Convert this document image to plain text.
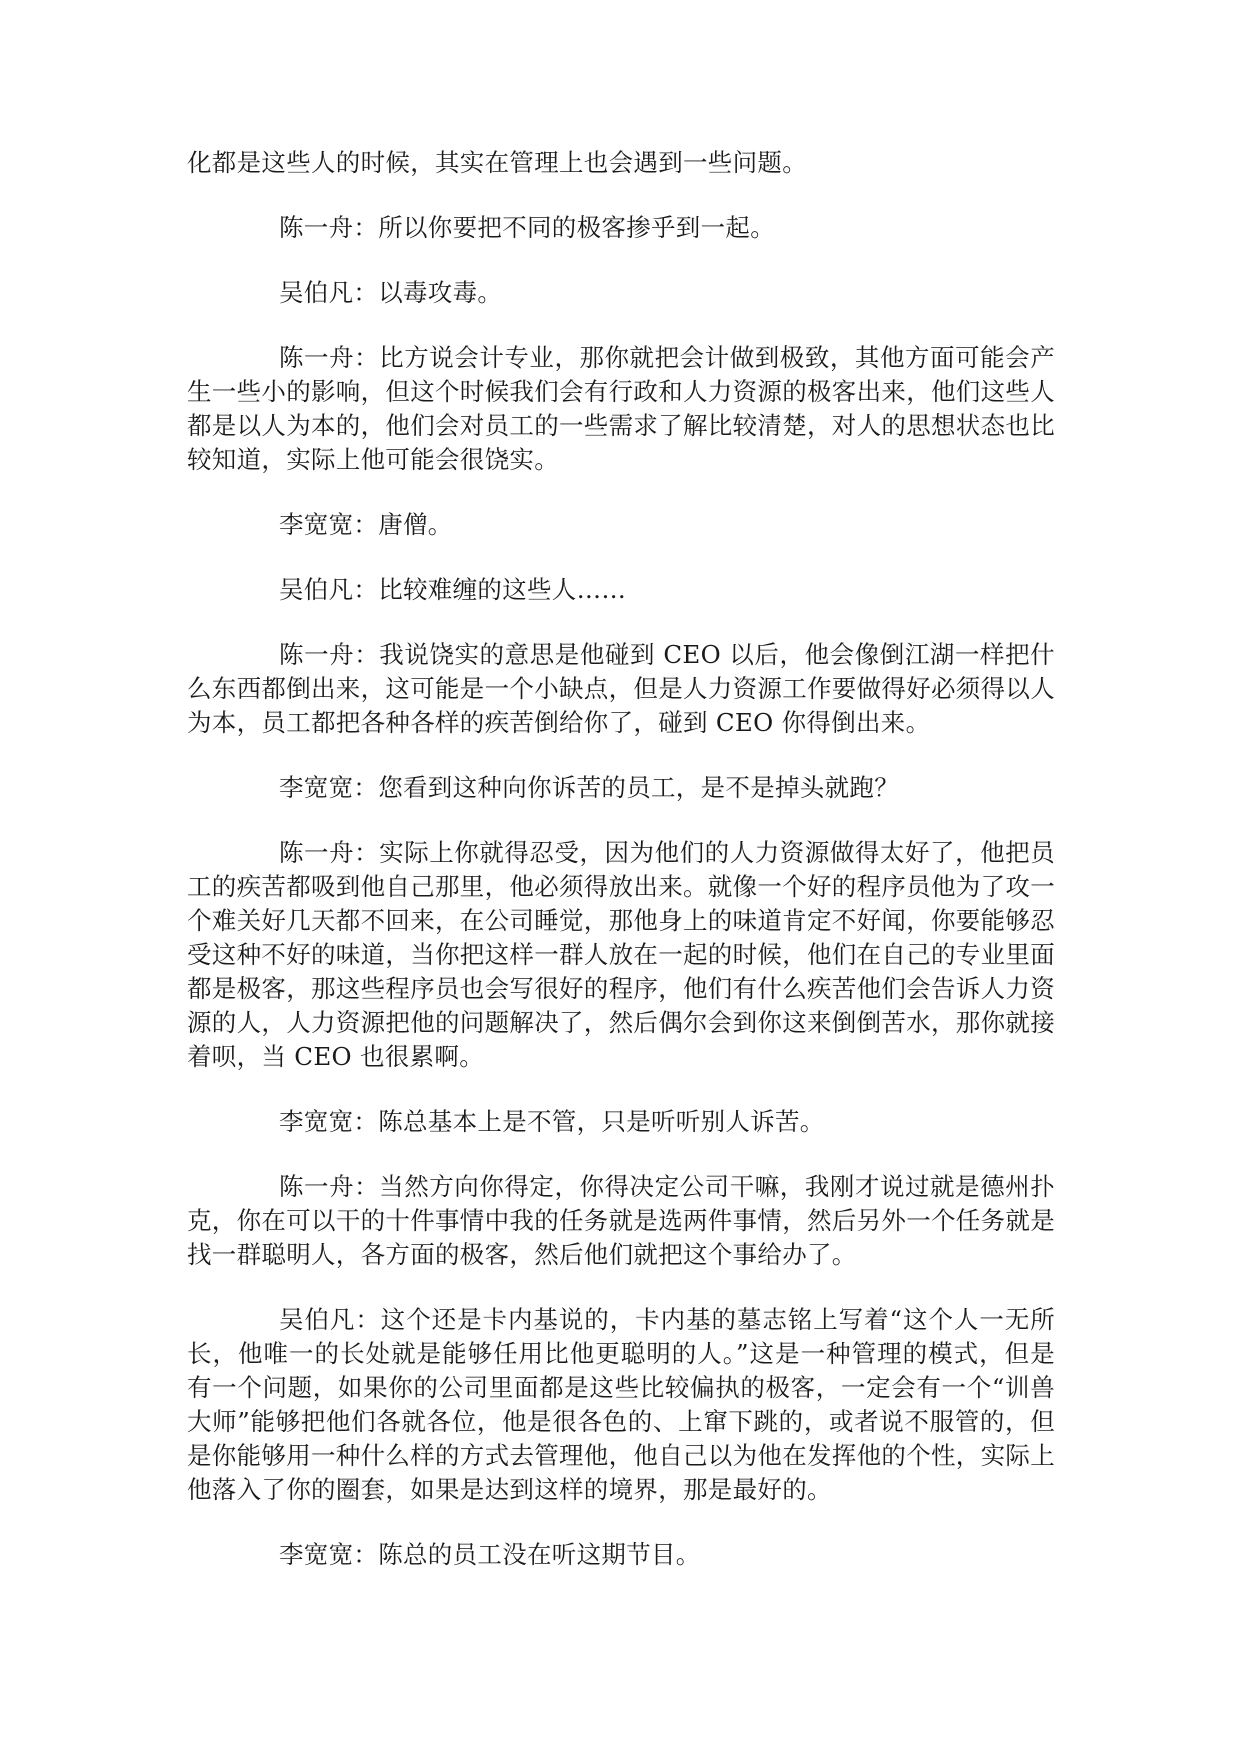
化都是这些人的时候，其实在管理上也会遇到一些问题。

陈一舟：所以你要把不同的极客掺乎到一起。

吴伯凡：以毒攻毒。

陈一舟：比方说会计专业，那你就把会计做到极致，其他方面可能会产生一些小的影响，但这个时候我们会有行政和人力资源的极客出来，他们这些人都是以人为本的，他们会对员工的一些需求了解比较清楚，对人的思想状态也比较知道，实际上他可能会很饶实。

李宽宽：唐僧。

吴伯凡：比较难缠的这些人……

陈一舟：我说饶实的意思是他碰到 CEO 以后，他会像倒江湖一样把什么东西都倒出来，这可能是一个小缺点，但是人力资源工作要做得好必须得以人为本，员工都把各种各样的疾苦倒给你了，碰到 CEO 你得倒出来。

李宽宽：您看到这种向你诉苦的员工，是不是掉头就跑？

陈一舟：实际上你就得忍受，因为他们的人力资源做得太好了，他把员工的疾苦都吸到他自己那里，他必须得放出来。就像一个好的程序员他为了攻一个难关好几天都不回来，在公司睡觉，那他身上的味道肯定不好闻，你要能够忍受这种不好的味道，当你把这样一群人放在一起的时候，他们在自己的专业里面都是极客，那这些程序员也会写很好的程序，他们有什么疾苦他们会告诉人力资源的人，人力资源把他的问题解决了，然后偶尔会到你这来倒倒苦水，那你就接着呗，当 CEO 也很累啊。

李宽宽：陈总基本上是不管，只是听听别人诉苦。

陈一舟：当然方向你得定，你得决定公司干嘛，我刚才说过就是德州扑克，你在可以干的十件事情中我的任务就是选两件事情，然后另外一个任务就是找一群聪明人，各方面的极客，然后他们就把这个事给办了。

吴伯凡：这个还是卡内基说的，卡内基的墓志铭上写着“这个人一无所长，他唯一的长处就是能够任用比他更聪明的人。”这是一种管理的模式，但是有一个问题，如果你的公司里面都是这些比较偏执的极客，一定会有一个“训兽大师”能够把他们各就各位，他是很各色的、上窜下跳的，或者说不服管的，但是你能够用一种什么样的方式去管理他，他自己以为他在发挥他的个性，实际上他落入了你的圈套，如果是达到这样的境界，那是最好的。

李宽宽：陈总的员工没在听这期节目。
